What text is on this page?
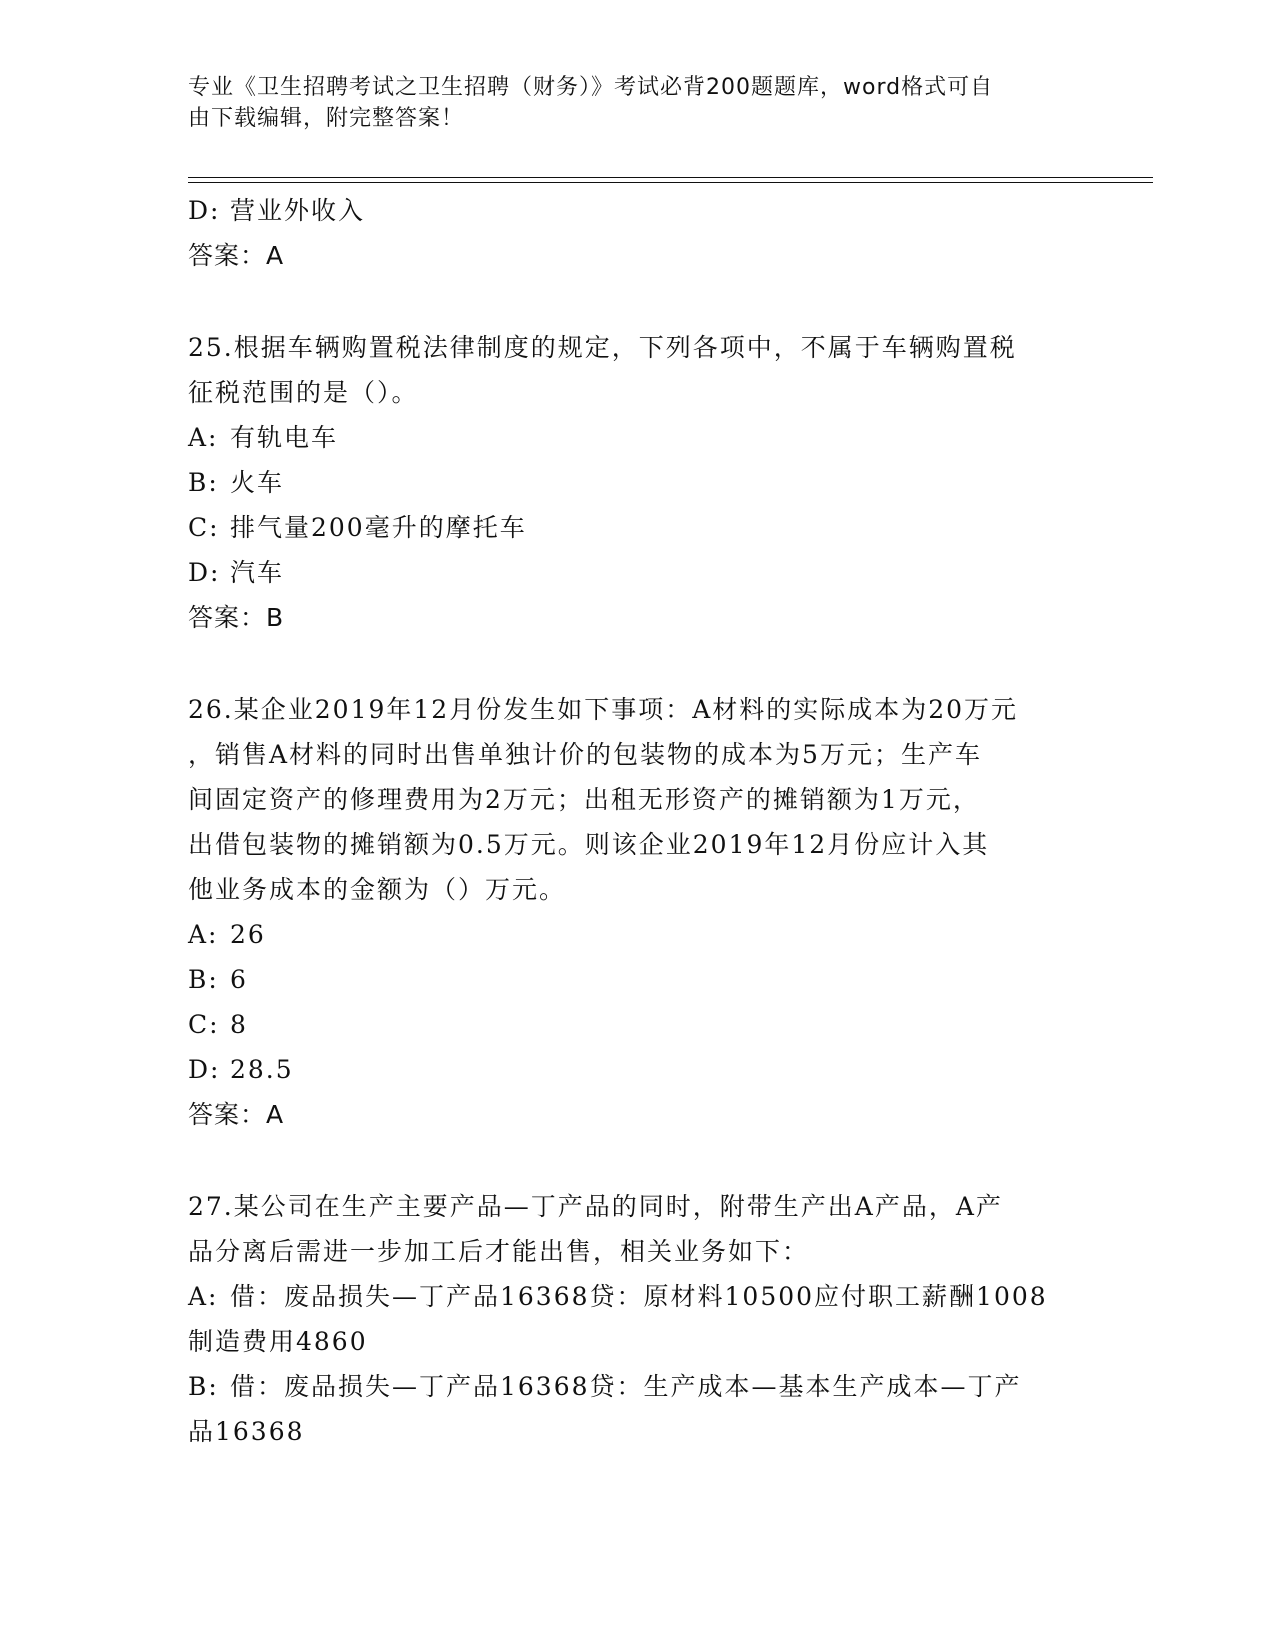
专业《卫生招聘考试之卫生招聘（财务）》考试必背200题题库，word格式可自
由下载编辑，附完整答案！
D: 营业外收入
答案：A
25.根据车辆购置税法律制度的规定，下列各项中，不属于车辆购置税
征税范围的是（）。
A: 有轨电车
B: 火车
C: 排气量200毫升的摩托车
D: 汽车
答案：B
26.某企业2019年12月份发生如下事项：A材料的实际成本为20万元
，销售A材料的同时出售单独计价的包装物的成本为5万元；生产车
间固定资产的修理费用为2万元；出租无形资产的摊销额为1万元，
出借包装物的摊销额为0.5万元。则该企业2019年12月份应计入其
他业务成本的金额为（）万元。
A: 26
B: 6
C: 8
D: 28.5
答案：A
27.某公司在生产主要产品—丁产品的同时，附带生产出A产品，A产
品分离后需进一步加工后才能出售，相关业务如下：
A: 借：废品损失—丁产品16368贷：原材料10500应付职工薪酬1008
制造费用4860
B: 借：废品损失—丁产品16368贷：生产成本—基本生产成本—丁产
品16368
